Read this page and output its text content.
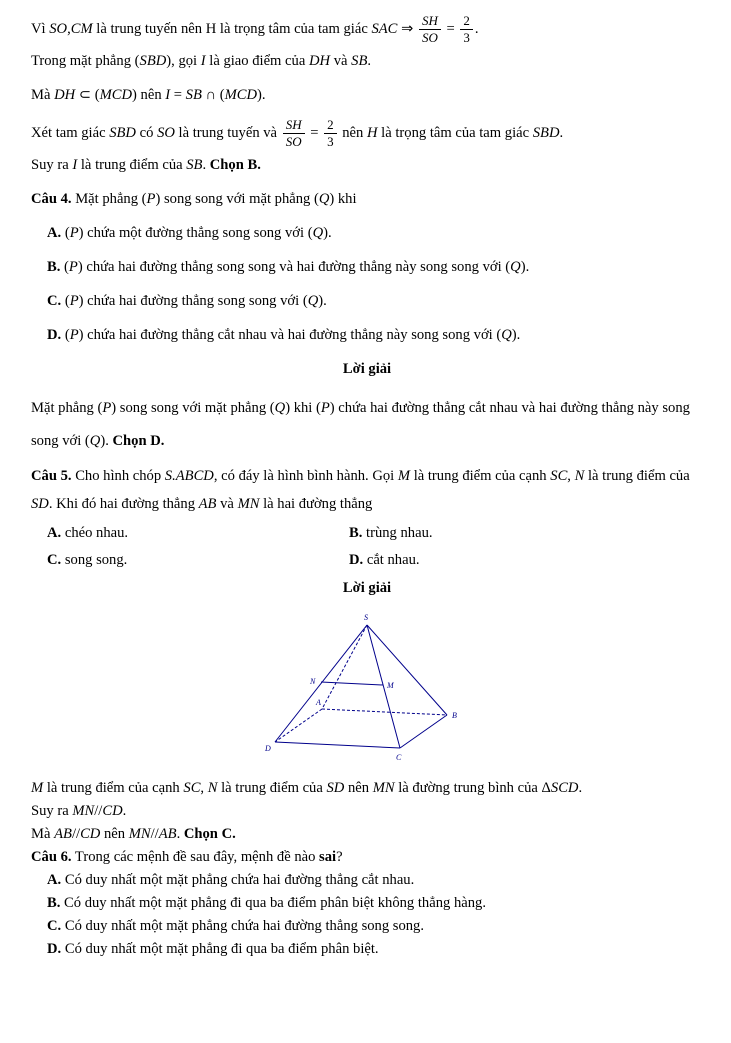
Vì SO,CM là trung tuyến nên H là trọng tâm của tam giác SAC ⇒ $\frac{SH}{SO} = \frac{2}{3}$ .

Trong mặt phẳng (SBD), gọi I là giao điểm của DH và SB.

Mà DH ⊂ (MCD) nên I = SB ∩ (MCD).

Xét tam giác SBD có SO là trung tuyến và $\frac{SH}{SO} = \frac{2}{3}$ nên H là trọng tâm của tam giác SBD.

Suy ra I là trung điểm của SB. Chọn B.

Câu 4. Mặt phẳng (P) song song với mặt phẳng (Q) khi

A. (P) chứa một đường thẳng song song với (Q).

B. (P) chứa hai đường thẳng song song và hai đường thẳng này song song với (Q).

C. (P) chứa hai đường thẳng song song với (Q).

D. (P) chứa hai đường thẳng cắt nhau và hai đường thẳng này song song với (Q).

Lời giải

Mặt phẳng (P) song song với mặt phẳng (Q) khi (P) chứa hai đường thẳng cắt nhau và hai đường thẳng này song song với (Q). Chọn D.

Câu 5. Cho hình chóp S.ABCD, có đáy là hình bình hành. Gọi M là trung điểm của cạnh SC, N là trung điểm của SD. Khi đó hai đường thẳng AB và MN là hai đường thẳng

A. chéo nhau.	B. trùng nhau.
C. song song.	D. cắt nhau.

Lời giải

S
N	M
A
B
D
C

M là trung điểm của cạnh SC, N là trung điểm của SD nên MN là đường trung bình của ΔSCD.

Suy ra MN//CD.

Mà AB//CD nên MN//AB. Chọn C.

Câu 6. Trong các mệnh đề sau đây, mệnh đề nào sai?

A. Có duy nhất một mặt phẳng chứa hai đường thẳng cắt nhau.

B. Có duy nhất một mặt phẳng đi qua ba điểm phân biệt không thẳng hàng.

C. Có duy nhất một mặt phẳng chứa hai đường thẳng song song.

D. Có duy nhất một mặt phẳng đi qua ba điểm phân biệt.
